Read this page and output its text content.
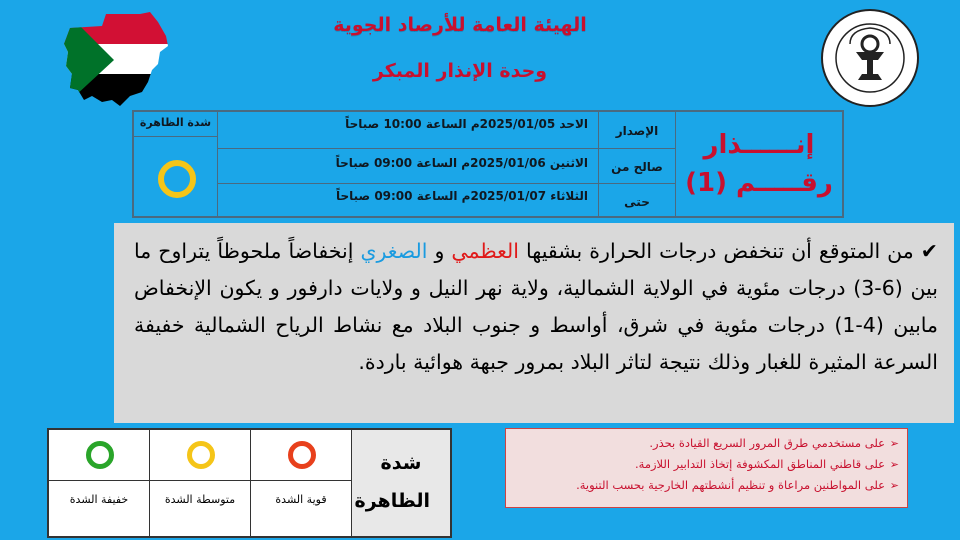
الهيئة العامة للأرصاد الجوية
وحدة الإنذار المبكر
إنــــــذار
رقـــــم (1)
الإصدار
صالح من
حتى
الاحد 2025/01/05م الساعة 10:00 صباحاً
الاثنين 2025/01/06م الساعة 09:00 صباحاً
الثلاثاء 2025/01/07م الساعة 09:00 صباحاً
شدة الظاهرة

✔ من المتوقع أن تنخفض درجات الحرارة بشقيها العظمي و الصغري إنخفاضاً ملحوظاً يتراوح ما بين (6-3) درجات مئوية في الولاية الشمالية، ولاية نهر النيل و ولايات دارفور و يكون الإنخفاض مابين (4-1) درجات مئوية في شرق، أواسط و جنوب البلاد مع نشاط الرياح الشمالية خفيفة السرعة المثيرة للغبار وذلك نتيجة لتاثر البلاد بمرور جبهة هوائية باردة.

شدة الظاهرة
قوية الشدة
متوسطة الشدة
خفيفة الشدة
➢
على مستخدمي طرق المرور السريع القيادة بحذر.
➢
على قاطني المناطق المكشوفة إتخاذ التدابير اللازمة.
➢
على المواطنين مراعاة و تنظيم أنشطتهم الخارجية بحسب التنوية.
